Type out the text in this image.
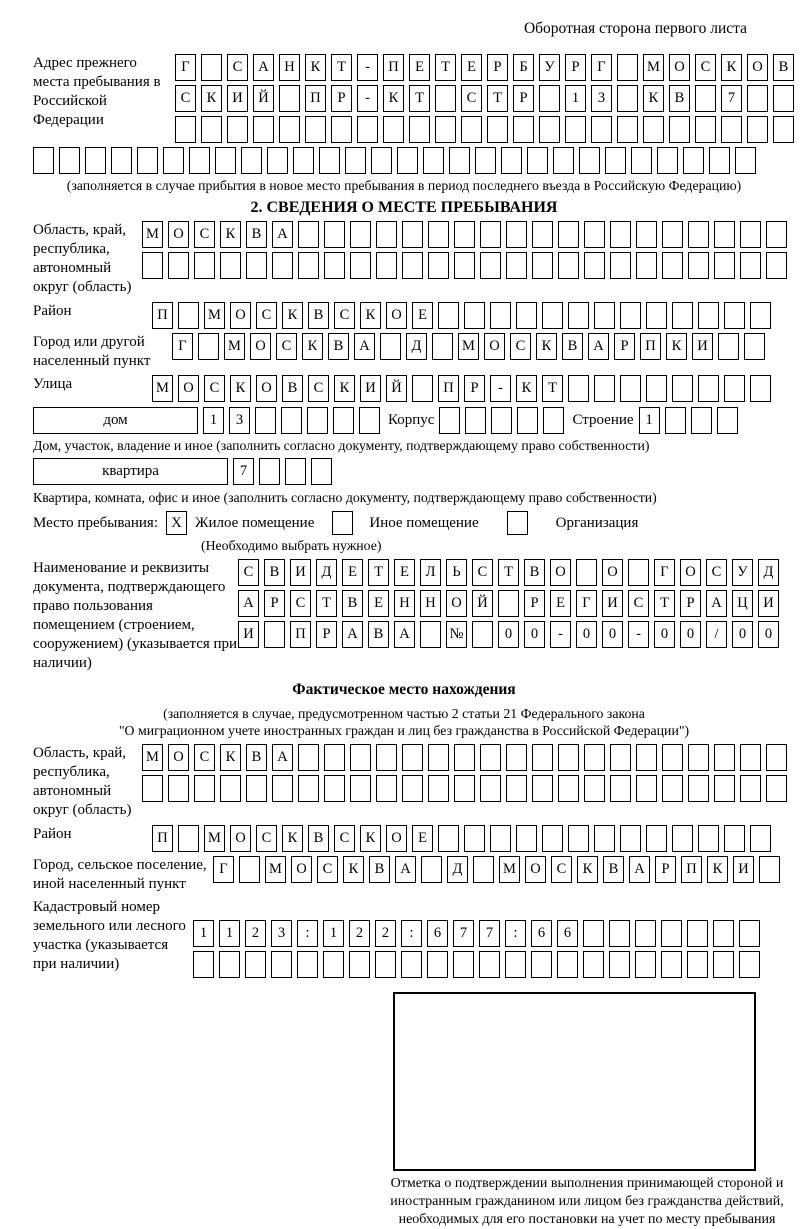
Оборотная сторона первого листа
Адрес прежнего места пребывания в Российской Федерации
Г	С	А	Н	К	Т	-	П	Е	Т	Е	Р	Б	У	Р	Г	М О	С	К	О	В
С	К	И	Й	П	Р	-	К	Т	С	Т	Р	1	3	К	В	7
(заполняется в случае прибытия в новое место пребывания в период последнего въезда в Российскую Федерацию)
2. СВЕДЕНИЯ О МЕСТЕ ПРЕБЫВАНИЯ
Область, край, республика, автономный округ (область)
М О	С	К	В	А
Район	П	М О	С	К	В	С	К	О	Е
Город или другой населенный пункт
Г	М О	С	К	В	А	Д	М О	С	К	В	А	Р	П	К	И
Улица	М О	С	К	О	В	С	К	И	Й	П	Р	-	К	Т
дом	1	3	Корпус	Строение 1
Дом, участок, владение и иное (заполнить согласно документу, подтверждающему право собственности)
квартира	7
Квартира, комната, офис и иное (заполнить согласно документу, подтверждающему право собственности)
Место пребывания: X Жилое помещение	Иное помещение	Организация
(Необходимо выбрать нужное)
Наименование и реквизиты документа, подтверждающего право пользования помещением (строением, сооружением) (указывается при наличии)
С	В	И	Д	Е	Т	Е	Л	Ь	С	Т	В	О	О	Г	О	С	У	Д
А	Р	С	Т	В	Е	Н	Н	О	Й	Р	Е	Г	И	С	Т	Р	А	Ц	И
И	П	Р	А	В	А	№	0	0	-	0	0	-	0	0	/	0	0
Фактическое место нахождения
(заполняется в случае, предусмотренном частью 2 статьи 21 Федерального закона
"О миграционном учете иностранных граждан и лиц без гражданства в Российской Федерации")
Область, край, республика, автономный округ (область)
М О	С	К	В	А
Район	П	М О	С	К	В	С	К	О	Е
Город, сельское поселение, иной населенный пункт
Г	М О	С	К	В	А	Д	М О	С	К	В	А	Р	П	К	И
Кадастровый номер земельного или лесного участка (указывается при наличии)
1	1	2	3	:	1	2	2	:	6	7	7	:	6	6
Отметка о подтверждении выполнения принимающей стороной и иностранным гражданином или лицом без гражданства действий, необходимых для его постановки на учет по месту пребывания
